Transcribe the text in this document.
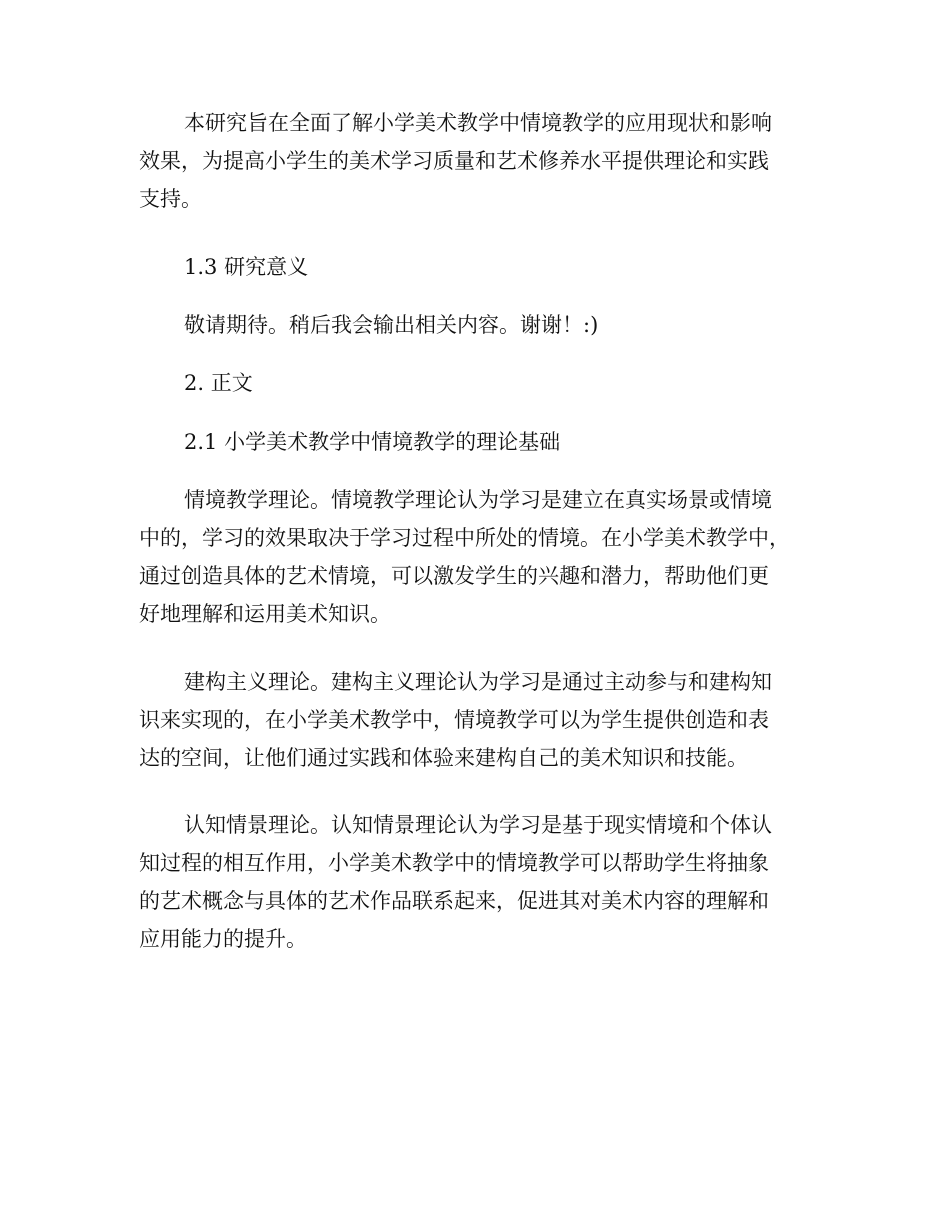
本研究旨在全面了解小学美术教学中情境教学的应用现状和影响
效果，为提高小学生的美术学习质量和艺术修养水平提供理论和实践
支持。
1.3 研究意义
敬请期待。稍后我会输出相关内容。谢谢！:)
2. 正文
2.1 小学美术教学中情境教学的理论基础
情境教学理论。情境教学理论认为学习是建立在真实场景或情境
中的，学习的效果取决于学习过程中所处的情境。在小学美术教学中，
通过创造具体的艺术情境，可以激发学生的兴趣和潜力，帮助他们更
好地理解和运用美术知识。
建构主义理论。建构主义理论认为学习是通过主动参与和建构知
识来实现的，在小学美术教学中，情境教学可以为学生提供创造和表
达的空间，让他们通过实践和体验来建构自己的美术知识和技能。
认知情景理论。认知情景理论认为学习是基于现实情境和个体认
知过程的相互作用，小学美术教学中的情境教学可以帮助学生将抽象
的艺术概念与具体的艺术作品联系起来，促进其对美术内容的理解和
应用能力的提升。
